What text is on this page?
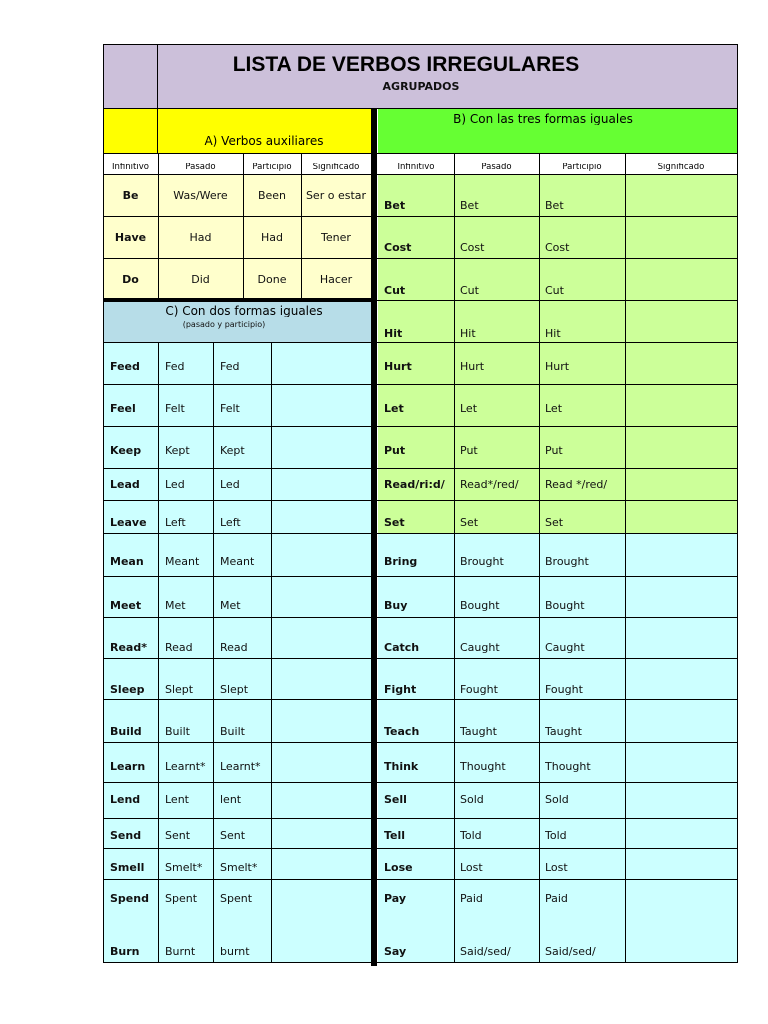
LISTA DE VERBOS IRREGULARES
AGRUPADOS
A) Verbos auxiliares
B) Con las tres formas iguales
Infinitivo	Pasado	Participio	Significado	Infinitivo	Pasado	Participio	Significado
C) Con dos formas iguales
(pasado y participio)
Be	Was/Were	Been	Ser o estar
Have	Had	Had	Tener
Do	Did	Done	Hacer
Bet	Bet	Bet
Cost	Cost	Cost
Cut	Cut	Cut
Hit	Hit	Hit
Hurt	Hurt	Hurt
Let	Let	Let
Put	Put	Put
Read/ri:d/	Read*/red/	Read */red/
Set	Set	Set
Feed	Fed	Fed
Feel	Felt	Felt
Keep	Kept	Kept
Lead	Led	Led
Leave	Left	Left
Mean	Meant	Meant
Meet	Met	Met
Read*	Read	Read
Sleep	Slept	Slept
Build	Built	Built
Learn	Learnt*	Learnt*
Lend	Lent	lent
Send	Sent	Sent
Smell	Smelt*	Smelt*
Spend	Spent	Spent
Burn	Burnt	burnt
Bring	Brought	Brought
Buy	Bought	Bought
Catch	Caught	Caught
Fight	Fought	Fought
Teach	Taught	Taught
Think	Thought	Thought
Sell	Sold	Sold
Tell	Told	Told
Lose	Lost	Lost
Pay	Paid	Paid
Say	Said/sed/	Said/sed/
